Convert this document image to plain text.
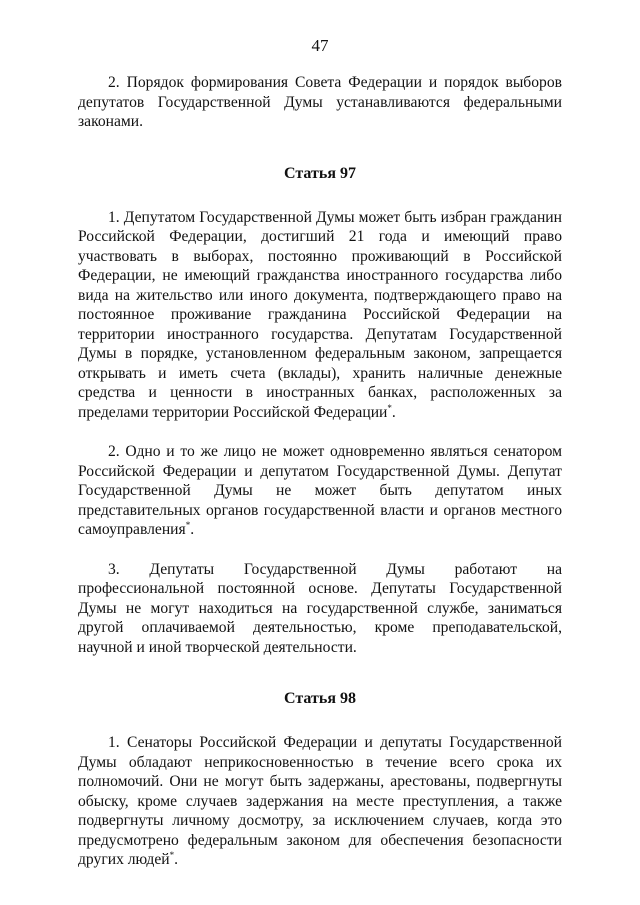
47

2. Порядок формирования Совета Федерации и порядок выборов депутатов Государственной Думы устанавливаются федеральными законами.

Статья 97

1. Депутатом Государственной Думы может быть избран гражданин Российской Федерации, достигший 21 года и имеющий право участвовать в выборах, постоянно проживающий в Российской Федерации, не имеющий гражданства иностранного государства либо вида на жительство или иного документа, подтверждающего право на постоянное проживание гражданина Российской Федерации на территории иностранного государства. Депутатам Государственной Думы в порядке, установленном федеральным законом, запрещается открывать и иметь счета (вклады), хранить наличные денежные средства и ценности в иностранных банках, расположенных за пределами территории Российской Федерации*.

2. Одно и то же лицо не может одновременно являться сенатором Российской Федерации и депутатом Государственной Думы. Депутат Государственной Думы не может быть депутатом иных представительных органов государственной власти и органов местного самоуправления*.

3. Депутаты Государственной Думы работают на профессиональной постоянной основе. Депутаты Государственной Думы не могут находиться на государственной службе, заниматься другой оплачиваемой деятельностью, кроме преподавательской, научной и иной творческой деятельности.

Статья 98

1. Сенаторы Российской Федерации и депутаты Государственной Думы обладают неприкосновенностью в течение всего срока их полномочий. Они не могут быть задержаны, арестованы, подвергнуты обыску, кроме случаев задержания на месте преступления, а также подвергнуты личному досмотру, за исключением случаев, когда это предусмотрено федеральным законом для обеспечения безопасности других людей*.
